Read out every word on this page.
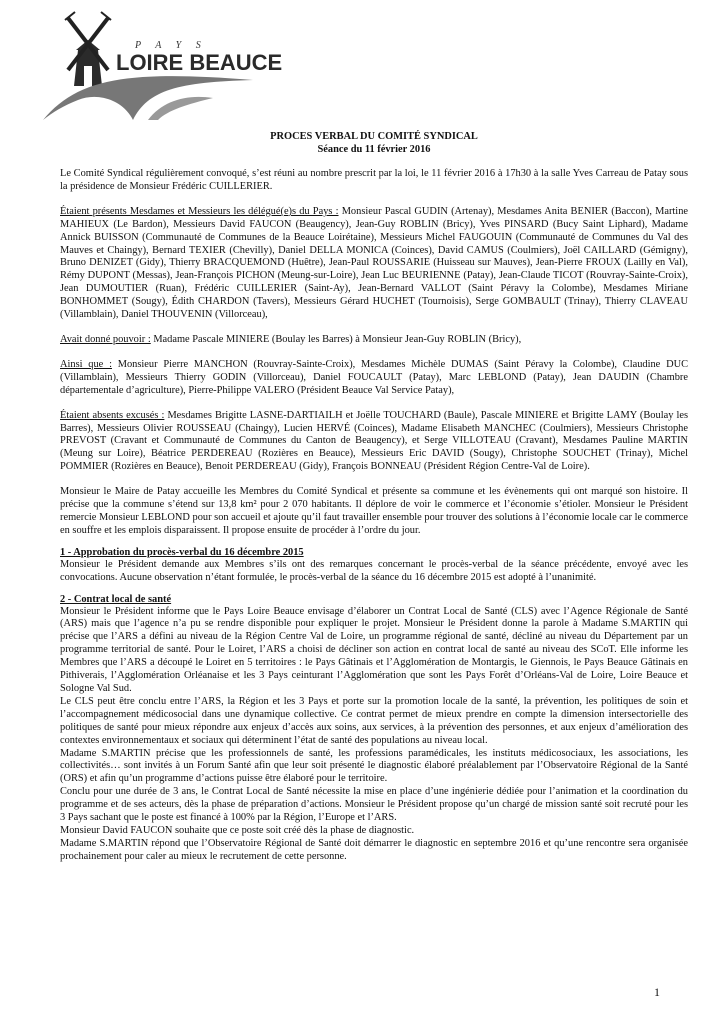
P A Y S
LOIRE BEAUCE
PROCES VERBAL DU COMITÉ SYNDICAL
Séance du 11 février 2016

Le Comité Syndical régulièrement convoqué, s’est réuni au nombre prescrit par la loi, le 11 février 2016 à 17h30 à la salle Yves Carreau de Patay sous la présidence de Monsieur Frédéric CUILLERIER.

Étaient présents Mesdames et Messieurs les délégué(e)s du Pays : Monsieur Pascal GUDIN (Artenay), Mesdames Anita BENIER (Baccon), Martine MAHIEUX (Le Bardon), Messieurs David FAUCON (Beaugency), Jean-Guy ROBLIN (Bricy), Yves PINSARD (Bucy Saint Liphard), Madame Annick BUISSON (Communauté de Communes de la Beauce Loirétaine), Messieurs Michel FAUGOUIN (Communauté de Communes du Val des Mauves et Chaingy), Bernard TEXIER (Chevilly), Daniel DELLA MONICA (Coinces), David CAMUS (Coulmiers), Joël CAILLARD (Gémigny), Bruno DENIZET (Gidy), Thierry BRACQUEMOND (Huêtre), Jean-Paul ROUSSARIE (Huisseau sur Mauves), Jean-Pierre FROUX (Lailly en Val), Rémy DUPONT (Messas), Jean-François PICHON (Meung-sur-Loire), Jean Luc BEURIENNE (Patay), Jean-Claude TICOT (Rouvray-Sainte-Croix), Jean DUMOUTIER (Ruan), Frédéric CUILLERIER (Saint-Ay), Jean-Bernard VALLOT (Saint Péravy la Colombe), Mesdames Miriane BONHOMMET (Sougy), Édith CHARDON (Tavers), Messieurs Gérard HUCHET (Tournoisis), Serge GOMBAULT (Trinay), Thierry CLAVEAU (Villamblain), Daniel THOUVENIN (Villorceau),

Avait donné pouvoir : Madame Pascale MINIERE (Boulay les Barres) à Monsieur Jean-Guy ROBLIN (Bricy),

Ainsi que : Monsieur Pierre MANCHON (Rouvray-Sainte-Croix), Mesdames Michèle DUMAS (Saint Péravy la Colombe), Claudine DUC (Villamblain), Messieurs Thierry GODIN (Villorceau), Daniel FOUCAULT (Patay), Marc LEBLOND (Patay), Jean DAUDIN (Chambre départementale d’agriculture), Pierre-Philippe VALERO (Président Beauce Val Service Patay),

Étaient absents excusés : Mesdames Brigitte LASNE-DARTIAILH et Joëlle TOUCHARD (Baule), Pascale MINIERE et Brigitte LAMY (Boulay les Barres), Messieurs Olivier ROUSSEAU (Chaingy), Lucien HERVÉ (Coinces), Madame Elisabeth MANCHEC (Coulmiers), Messieurs Christophe PREVOST (Cravant et Communauté de Communes du Canton de Beaugency), et Serge VILLOTEAU (Cravant), Mesdames Pauline MARTIN (Meung sur Loire), Béatrice PERDEREAU (Rozières en Beauce), Messieurs Eric DAVID (Sougy), Christophe SOUCHET (Trinay), Michel POMMIER (Rozières en Beauce), Benoit PERDEREAU (Gidy), François BONNEAU (Président Région Centre-Val de Loire).

Monsieur le Maire de Patay accueille les Membres du Comité Syndical et présente sa commune et les évènements qui ont marqué son histoire. Il précise que la commune s’étend sur 13,8 km² pour 2 070 habitants. Il déplore de voir le commerce et l’économie s’étioler. Monsieur le Président remercie Monsieur LEBLOND pour son accueil et ajoute qu’il faut travailler ensemble pour trouver des solutions à l’économie locale car le commerce en souffre et les emplois disparaissent. Il propose ensuite de procéder à l’ordre du jour.

1 - Approbation du procès-verbal du 16 décembre 2015

Monsieur le Président demande aux Membres s’ils ont des remarques concernant le procès-verbal de la séance précédente, envoyé avec les convocations. Aucune observation n’étant formulée, le procès-verbal de la séance du 16 décembre 2015 est adopté à l’unanimité.

2 - Contrat local de santé

Monsieur le Président informe que le Pays Loire Beauce envisage d’élaborer un Contrat Local de Santé (CLS) avec l’Agence Régionale de Santé (ARS) mais que l’agence n’a pu se rendre disponible pour expliquer le projet. Monsieur le Président donne la parole à Madame S.MARTIN qui précise que l’ARS a défini au niveau de la Région Centre Val de Loire, un programme régional de santé, décliné au niveau du Département par un programme territorial de santé. Pour le Loiret, l’ARS a choisi de décliner son action en contrat local de santé au niveau des SCoT. Elle informe les Membres que l’ARS a découpé le Loiret en 5 territoires : le Pays Gâtinais et l’Agglomération de Montargis, le Giennois, le Pays Beauce Gâtinais en Pithiverais, l’Agglomération Orléanaise et les 3 Pays ceinturant l’Agglomération que sont les Pays Forêt d’Orléans-Val de Loire, Loire Beauce et Sologne Val Sud.

Le CLS peut être conclu entre l’ARS, la Région et les 3 Pays et porte sur la promotion locale de la santé, la prévention, les politiques de soin et l’accompagnement médicosocial dans une dynamique collective. Ce contrat permet de mieux prendre en compte la dimension intersectorielle des politiques de santé pour mieux répondre aux enjeux d’accès aux soins, aux services, à la prévention des personnes, et aux enjeux d’amélioration des contextes environnementaux et sociaux qui déterminent l’état de santé des populations au niveau local.

Madame S.MARTIN précise que les professionnels de santé, les professions paramédicales, les instituts médicosociaux, les associations, les collectivités… sont invités à un Forum Santé afin que leur soit présenté le diagnostic élaboré préalablement par l’Observatoire Régional de la Santé (ORS) et afin qu’un programme d’actions puisse être élaboré pour le territoire.

Conclu pour une durée de 3 ans, le Contrat Local de Santé nécessite la mise en place d’une ingénierie dédiée pour l’animation et la coordination du programme et de ses acteurs, dès la phase de préparation d’actions. Monsieur le Président propose qu’un chargé de mission santé soit recruté pour les 3 Pays sachant que le poste est financé à 100% par la Région, l’Europe et l’ARS.

Monsieur David FAUCON souhaite que ce poste soit créé dès la phase de diagnostic.

Madame S.MARTIN répond que l’Observatoire Régional de Santé doit démarrer le diagnostic en septembre 2016 et qu’une rencontre sera organisée prochainement pour caler au mieux le recrutement de cette personne.

1
